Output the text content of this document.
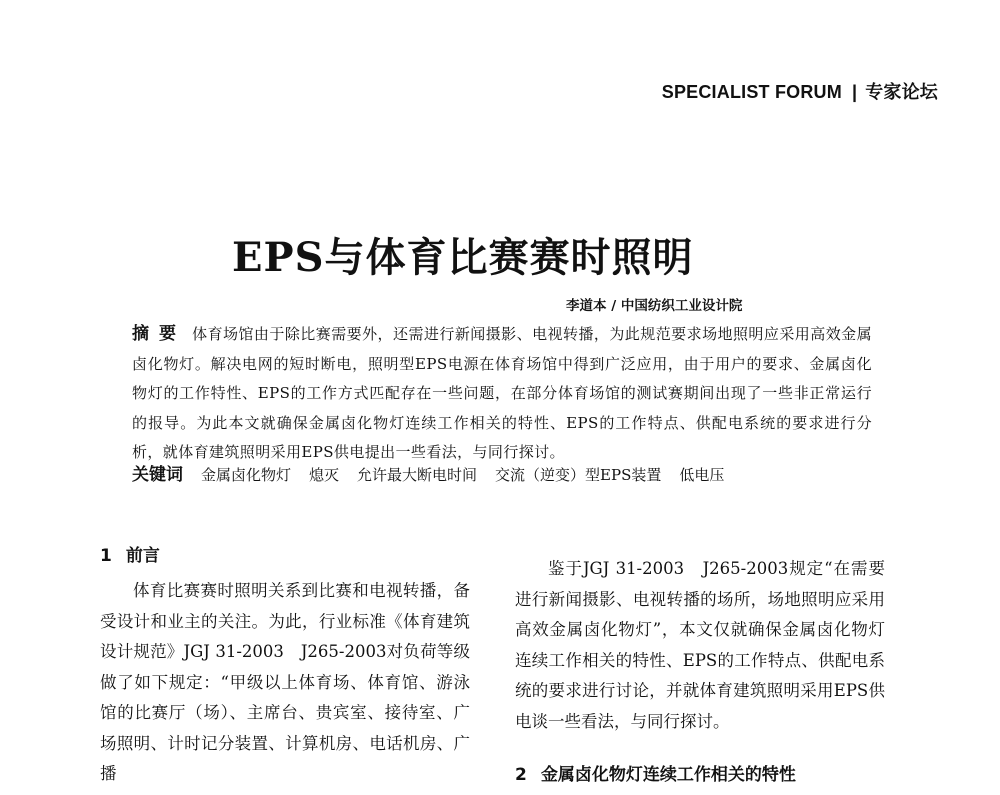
SPECIALIST FORUM | 专家论坛
EPS与体育比赛赛时照明
李道本 / 中国纺织工业设计院
摘要 体育场馆由于除比赛需要外，还需进行新闻摄影、电视转播，为此规范要求场地照明应采用高效金属卤化物灯。解决电网的短时断电，照明型EPS电源在体育场馆中得到广泛应用，由于用户的要求、金属卤化物灯的工作特性、EPS的工作方式匹配存在一些问题，在部分体育场馆的测试赛期间出现了一些非正常运行的报导。为此本文就确保金属卤化物灯连续工作相关的特性、EPS的工作特点、供配电系统的要求进行分析，就体育建筑照明采用EPS供电提出一些看法，与同行探讨。
关键词 金属卤化物灯 熄灭 允许最大断电时间 交流（逆变）型EPS装置 低电压
1 前言

体育比赛赛时照明关系到比赛和电视转播，备受设计和业主的关注。为此，行业标准《体育建筑设计规范》JGJ 31-2003　J265-2003对负荷等级做了如下规定：“甲级以上体育场、体育馆、游泳馆的比赛厅（场）、主席台、贵宾室、接待室、广场照明、计时记分装置、计算机房、电话机房、广播

鉴于JGJ 31-2003　J265-2003规定“在需要进行新闻摄影、电视转播的场所，场地照明应采用高效金属卤化物灯”，本文仅就确保金属卤化物灯连续工作相关的特性、EPS的工作特点、供配电系统的要求进行讨论，并就体育建筑照明采用EPS供电谈一些看法，与同行探讨。

2 金属卤化物灯连续工作相关的特性
